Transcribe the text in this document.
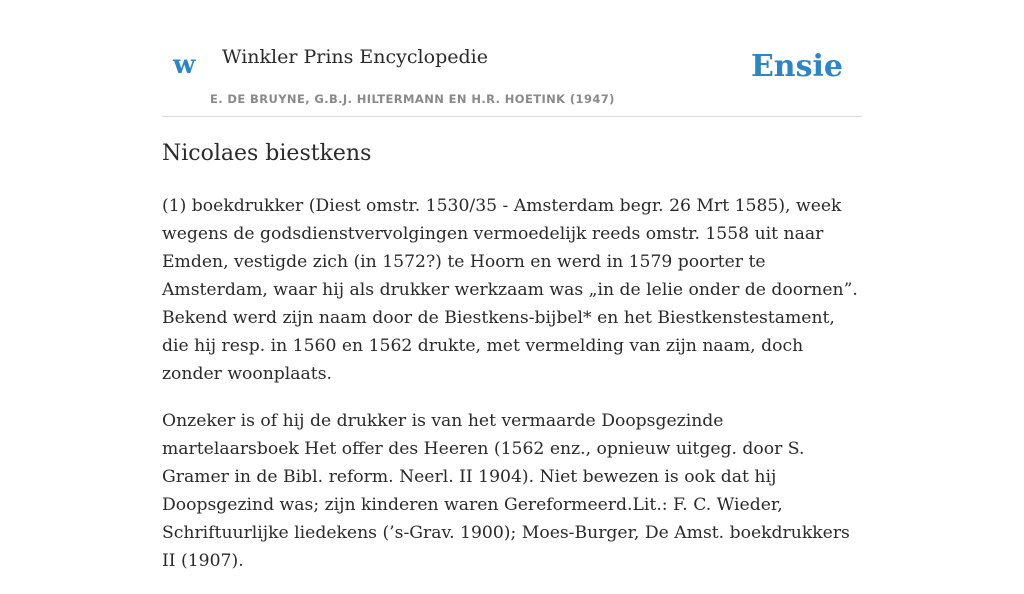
w Winkler Prins Encyclopedie
E. DE BRUYNE, G.B.J. HILTERMANN EN H.R. HOETINK (1947)
Ensie
Nicolaes biestkens

(1) boekdrukker (Diest omstr. 1530/35 - Amsterdam begr. 26 Mrt 1585), week wegens de godsdienstvervolgingen vermoedelijk reeds omstr. 1558 uit naar Emden, vestigde zich (in 1572?) te Hoorn en werd in 1579 poorter te Amsterdam, waar hij als drukker werkzaam was „in de lelie onder de doornen”. Bekend werd zijn naam door de Biestkens-bijbel* en het Biestkenstestament, die hij resp. in 1560 en 1562 drukte, met vermelding van zijn naam, doch zonder woonplaats.

Onzeker is of hij de drukker is van het vermaarde Doopsgezinde martelaarsboek Het offer des Heeren (1562 enz., opnieuw uitgeg. door S. Gramer in de Bibl. reform. Neerl. II 1904). Niet bewezen is ook dat hij Doopsgezind was; zijn kinderen waren Gereformeerd.Lit.: F. C. Wieder, Schriftuurlijke liedekens (’s-Grav. 1900); Moes-Burger, De Amst. boekdrukkers II (1907).
